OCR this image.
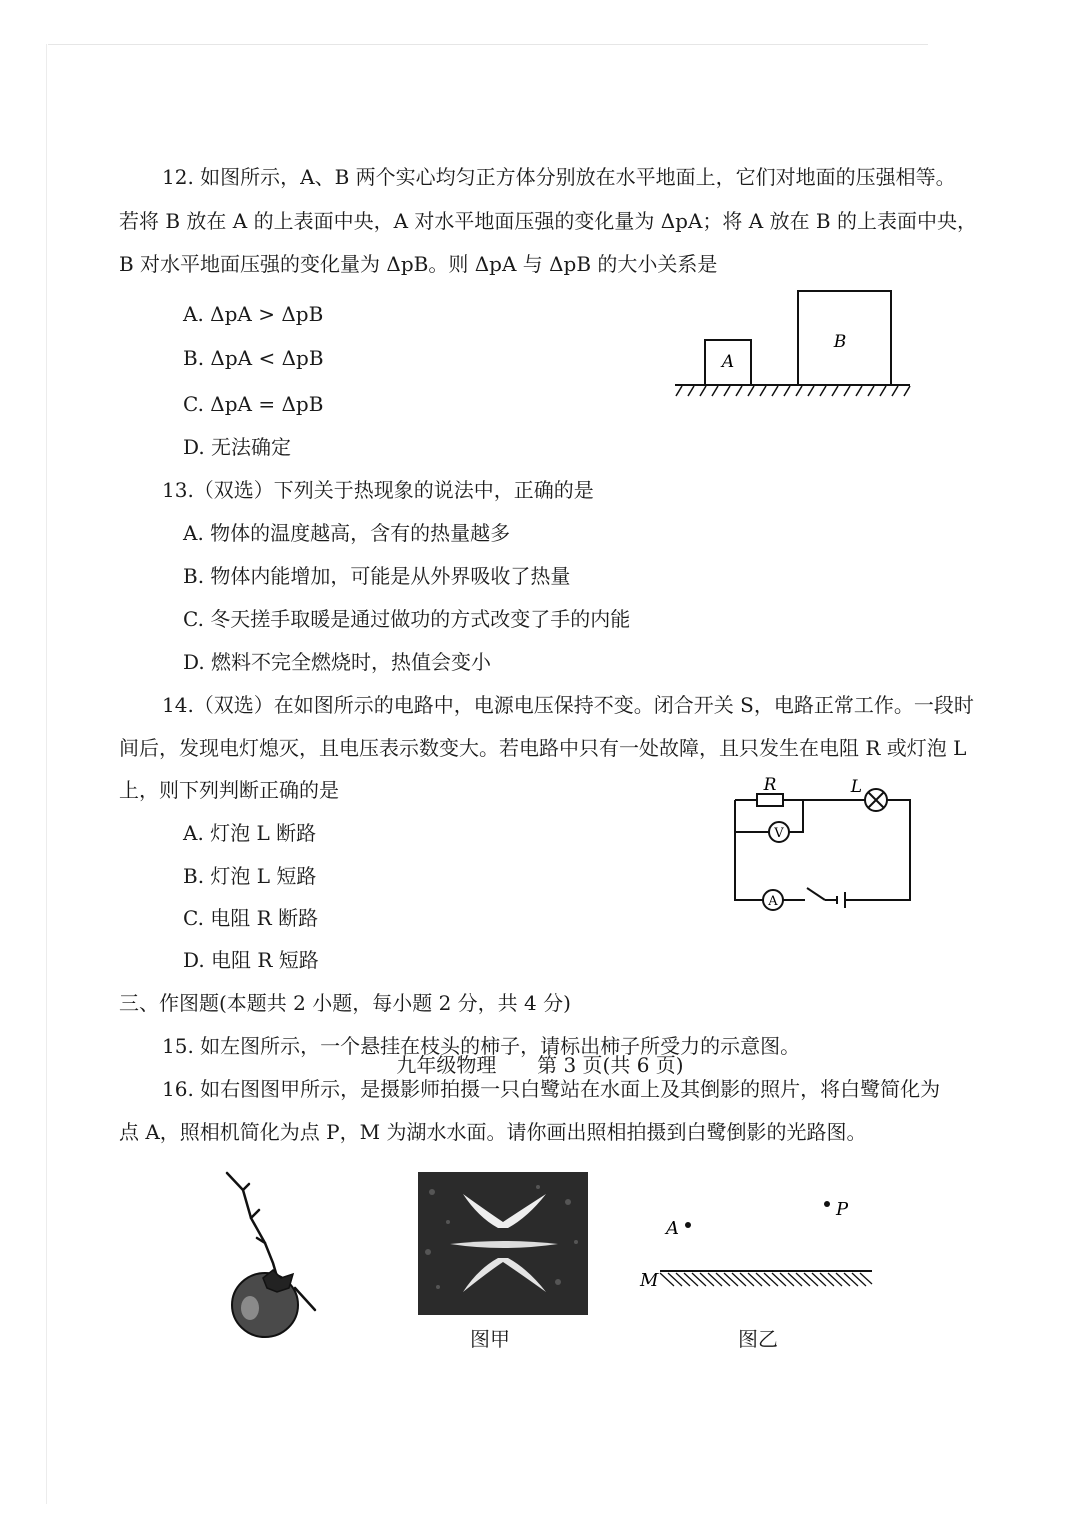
12. 如图所示，A、B 两个实心均匀正方体分别放在水平地面上，它们对地面的压强相等。
若将 B 放在 A 的上表面中央，A 对水平地面压强的变化量为 ΔpA；将 A 放在 B 的上表面中央，
B 对水平地面压强的变化量为 ΔpB。则 ΔpA 与 ΔpB 的大小关系是
A. ΔpA > ΔpB
B. ΔpA < ΔpB
C. ΔpA = ΔpB
D. 无法确定
A
B
13.（双选）下列关于热现象的说法中，正确的是
A. 物体的温度越高，含有的热量越多
B. 物体内能增加，可能是从外界吸收了热量
C. 冬天搓手取暖是通过做功的方式改变了手的内能
D. 燃料不完全燃烧时，热值会变小
14.（双选）在如图所示的电路中，电源电压保持不变。闭合开关 S，电路正常工作。一段时
间后，发现电灯熄灭，且电压表示数变大。若电路中只有一处故障，且只发生在电阻 R 或灯泡 L
上，则下列判断正确的是
A. 灯泡 L 断路
B. 灯泡 L 短路
C. 电阻 R 断路
D. 电阻 R 短路
R	L
V
A
三、作图题(本题共 2 小题，每小题 2 分，共 4 分)
15. 如左图所示，一个悬挂在枝头的柿子，请标出柿子所受力的示意图。
16. 如右图图甲所示，是摄影师拍摄一只白鹭站在水面上及其倒影的照片，将白鹭简化为
点 A，照相机简化为点 P，M 为湖水水面。请你画出照相拍摄到白鹭倒影的光路图。
图甲
A
P
M
图乙
九年级物理 第 3 页(共 6 页)
